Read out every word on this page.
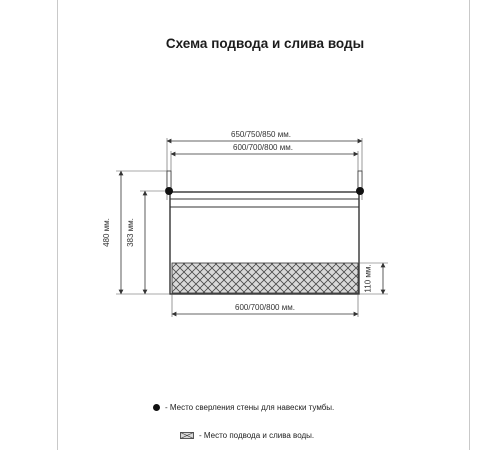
Схема подвода и слива воды
650/750/850 мм.
600/700/800 мм.
600/700/800 мм.
480 мм. 383 мм.
110 мм.
- Место сверления стены для навески тумбы.
- Место подвода и слива воды.
